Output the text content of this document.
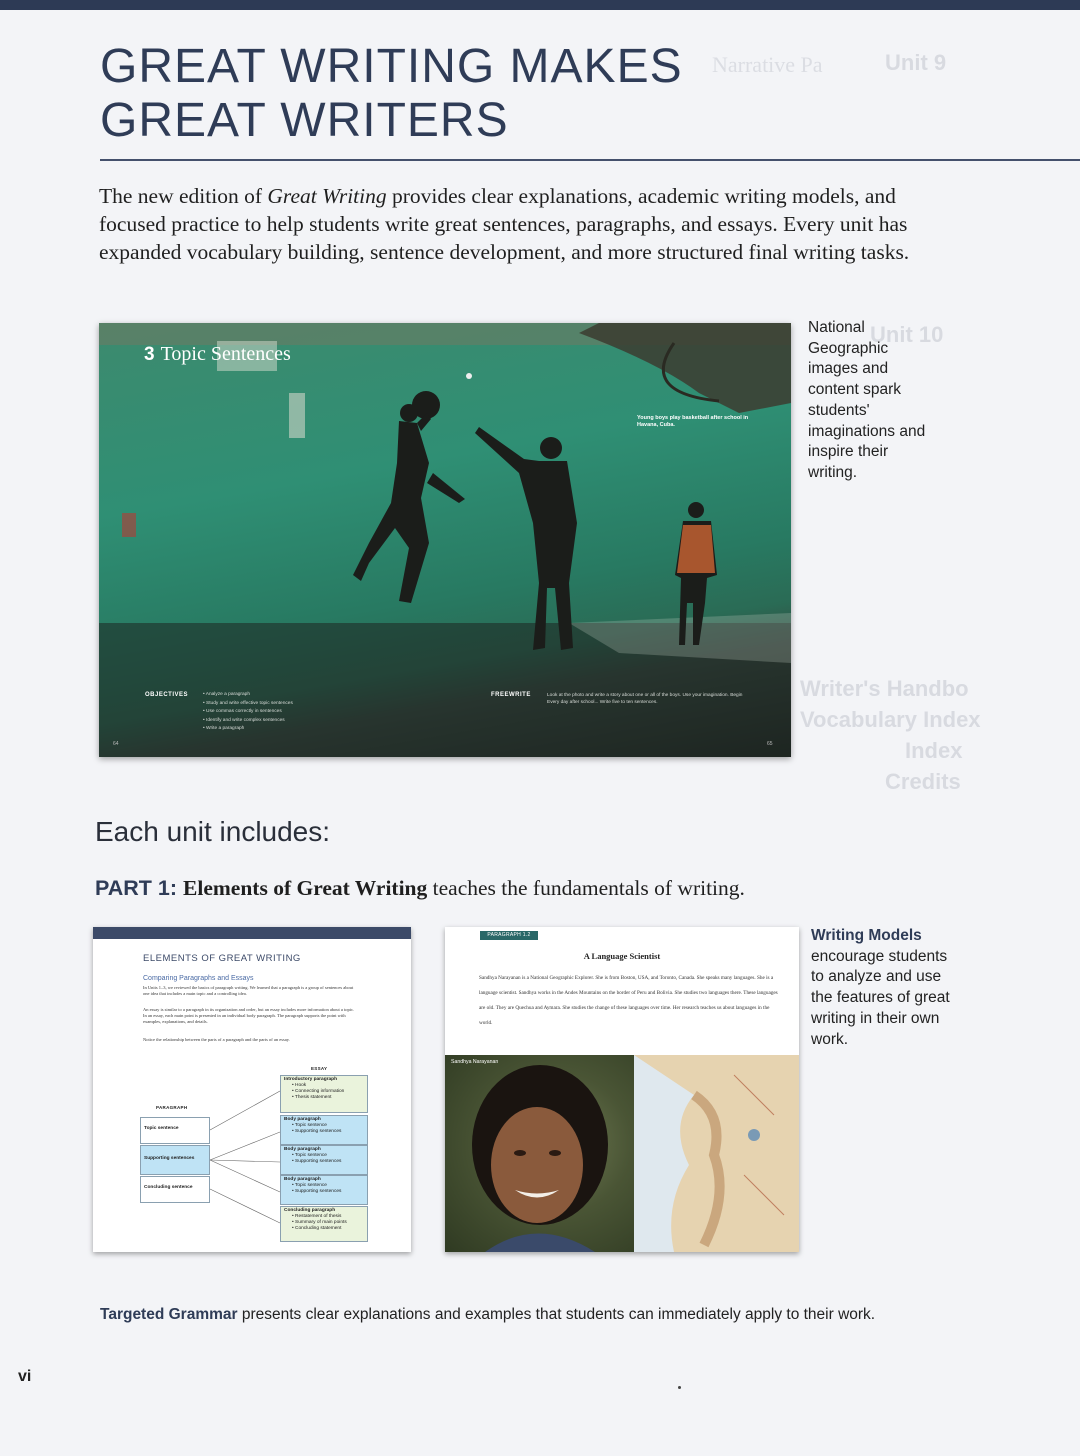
Unit 9
Narrative Pa
Unit 10
Writer's Handbo
Vocabulary Index
Index
Credits
GREAT WRITING MAKES
GREAT WRITERS

The new edition of Great Writing provides clear explanations, academic writing models, and focused practice to help students write great sentences, paragraphs, and essays. Every unit has expanded vocabulary building, sentence development, and more structured final writing tasks.

3 Topic Sentences
Young boys play basketball after school in Havana, Cuba.
OBJECTIVES	• Analyze a paragraph
• Study and write effective topic sentences
• Use commas correctly in sentences
• Identify and write complex sentences
• Write a paragraph
FREEWRITE	Look at the photo and write a story about one or all of the boys. Use your imagination. Begin Every day after school... Write five to ten sentences.
64	65

National Geographic images and content spark students' imaginations and inspire their writing.

Each unit includes:

PART 1: Elements of Great Writing teaches the fundamentals of writing.

ELEMENTS OF GREAT WRITING
Comparing Paragraphs and Essays

In Units 1–3, we reviewed the basics of paragraph writing. We learned that a paragraph is a group of sentences about one idea that includes a main topic and a controlling idea.

An essay is similar to a paragraph in its organization and order, but an essay includes more information about a topic. In an essay, each main point is presented in an individual body paragraph. The paragraph supports the point with examples, explanations, and details.

Notice the relationship between the parts of a paragraph and the parts of an essay.

PARAGRAPH
ESSAY
Topic sentence
Supporting sentences
Concluding sentence
Introductory paragraph
• Hook
• Connecting information
• Thesis statement
Body paragraph
• Topic sentence
• Supporting sentences
Body paragraph
• Topic sentence
• Supporting sentences
Body paragraph
• Topic sentence
• Supporting sentences
Concluding paragraph
• Restatement of thesis
• Summary of main points
• Concluding statement
PARAGRAPH 1.2
A Language Scientist

Sandhya Narayanan is a National Geographic Explorer. She is from Boston, USA, and Toronto, Canada. She speaks many languages. She is a language scientist. Sandhya works in the Andes Mountains on the border of Peru and Bolivia. She studies two languages there. These languages are old. They are Quechua and Aymara. She studies the change of these languages over time. Her research teaches us about languages in the world.

Sandhya Narayanan

Writing Models encourage students to analyze and use the features of great writing in their own work.

Targeted Grammar presents clear explanations and examples that students can immediately apply to their work.

vi
